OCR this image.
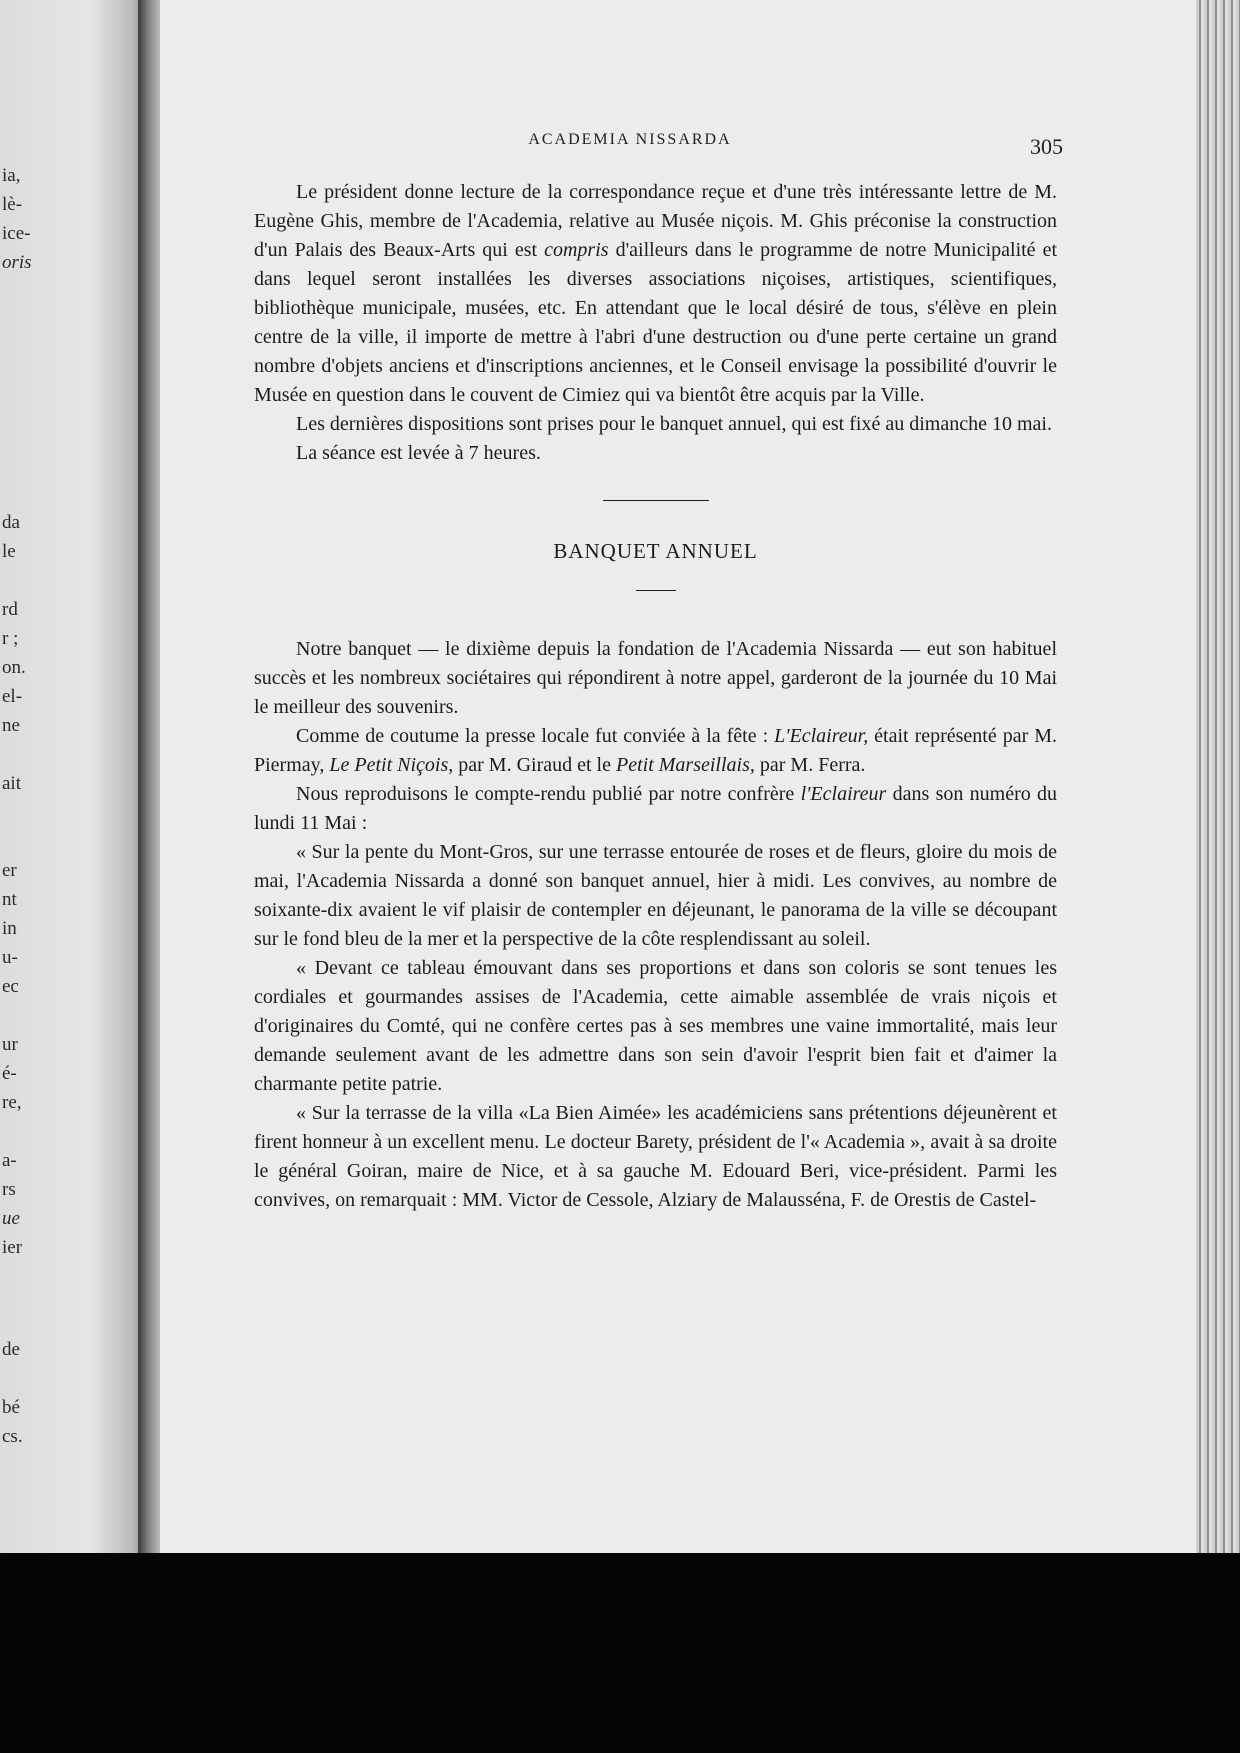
ia,
lè-
ice-
oris
da
le
rd
r ;
on.
el-
ne
ait
er
nt
in
u-
ec
ur
é-
re,
a-
rs
ue
ier
de
bé
cs.
ACADEMIA NISSARDA	305

Le président donne lecture de la correspondance reçue et d'une très intéressante lettre de M. Eugène Ghis, membre de l'Academia, relative au Musée niçois. M. Ghis préconise la construction d'un Palais des Beaux-Arts qui est compris d'ailleurs dans le programme de notre Municipalité et dans lequel seront installées les diverses associations niçoises, artistiques, scientifiques, bibliothèque municipale, musées, etc. En attendant que le local désiré de tous, s'élève en plein centre de la ville, il importe de mettre à l'abri d'une destruction ou d'une perte certaine un grand nombre d'objets anciens et d'inscriptions anciennes, et le Conseil envisage la possibilité d'ouvrir le Musée en question dans le couvent de Cimiez qui va bientôt être acquis par la Ville.

Les dernières dispositions sont prises pour le banquet annuel, qui est fixé au dimanche 10 mai.

La séance est levée à 7 heures.

BANQUET ANNUEL

Notre banquet — le dixième depuis la fondation de l'Academia Nissarda — eut son habituel succès et les nombreux sociétaires qui répondirent à notre appel, garderont de la journée du 10 Mai le meilleur des souvenirs.

Comme de coutume la presse locale fut conviée à la fête : L'Eclaireur, était représenté par M. Piermay, Le Petit Niçois, par M. Giraud et le Petit Marseillais, par M. Ferra.

Nous reproduisons le compte-rendu publié par notre confrère l'Eclaireur dans son numéro du lundi 11 Mai :

« Sur la pente du Mont-Gros, sur une terrasse entourée de roses et de fleurs, gloire du mois de mai, l'Academia Nissarda a donné son banquet annuel, hier à midi. Les convives, au nombre de soixante-dix avaient le vif plaisir de contempler en déjeunant, le panorama de la ville se découpant sur le fond bleu de la mer et la perspective de la côte resplendissant au soleil.

« Devant ce tableau émouvant dans ses proportions et dans son coloris se sont tenues les cordiales et gourmandes assises de l'Academia, cette aimable assemblée de vrais niçois et d'originaires du Comté, qui ne confère certes pas à ses membres une vaine immortalité, mais leur demande seulement avant de les admettre dans son sein d'avoir l'esprit bien fait et d'aimer la charmante petite patrie.

« Sur la terrasse de la villa «La Bien Aimée» les académiciens sans prétentions déjeunèrent et firent honneur à un excellent menu. Le docteur Barety, président de l'« Academia », avait à sa droite le général Goiran, maire de Nice, et à sa gauche M. Edouard Beri, vice-président. Parmi les convives, on remarquait : MM. Victor de Cessole, Alziary de Malausséna, F. de Orestis de Castel-
